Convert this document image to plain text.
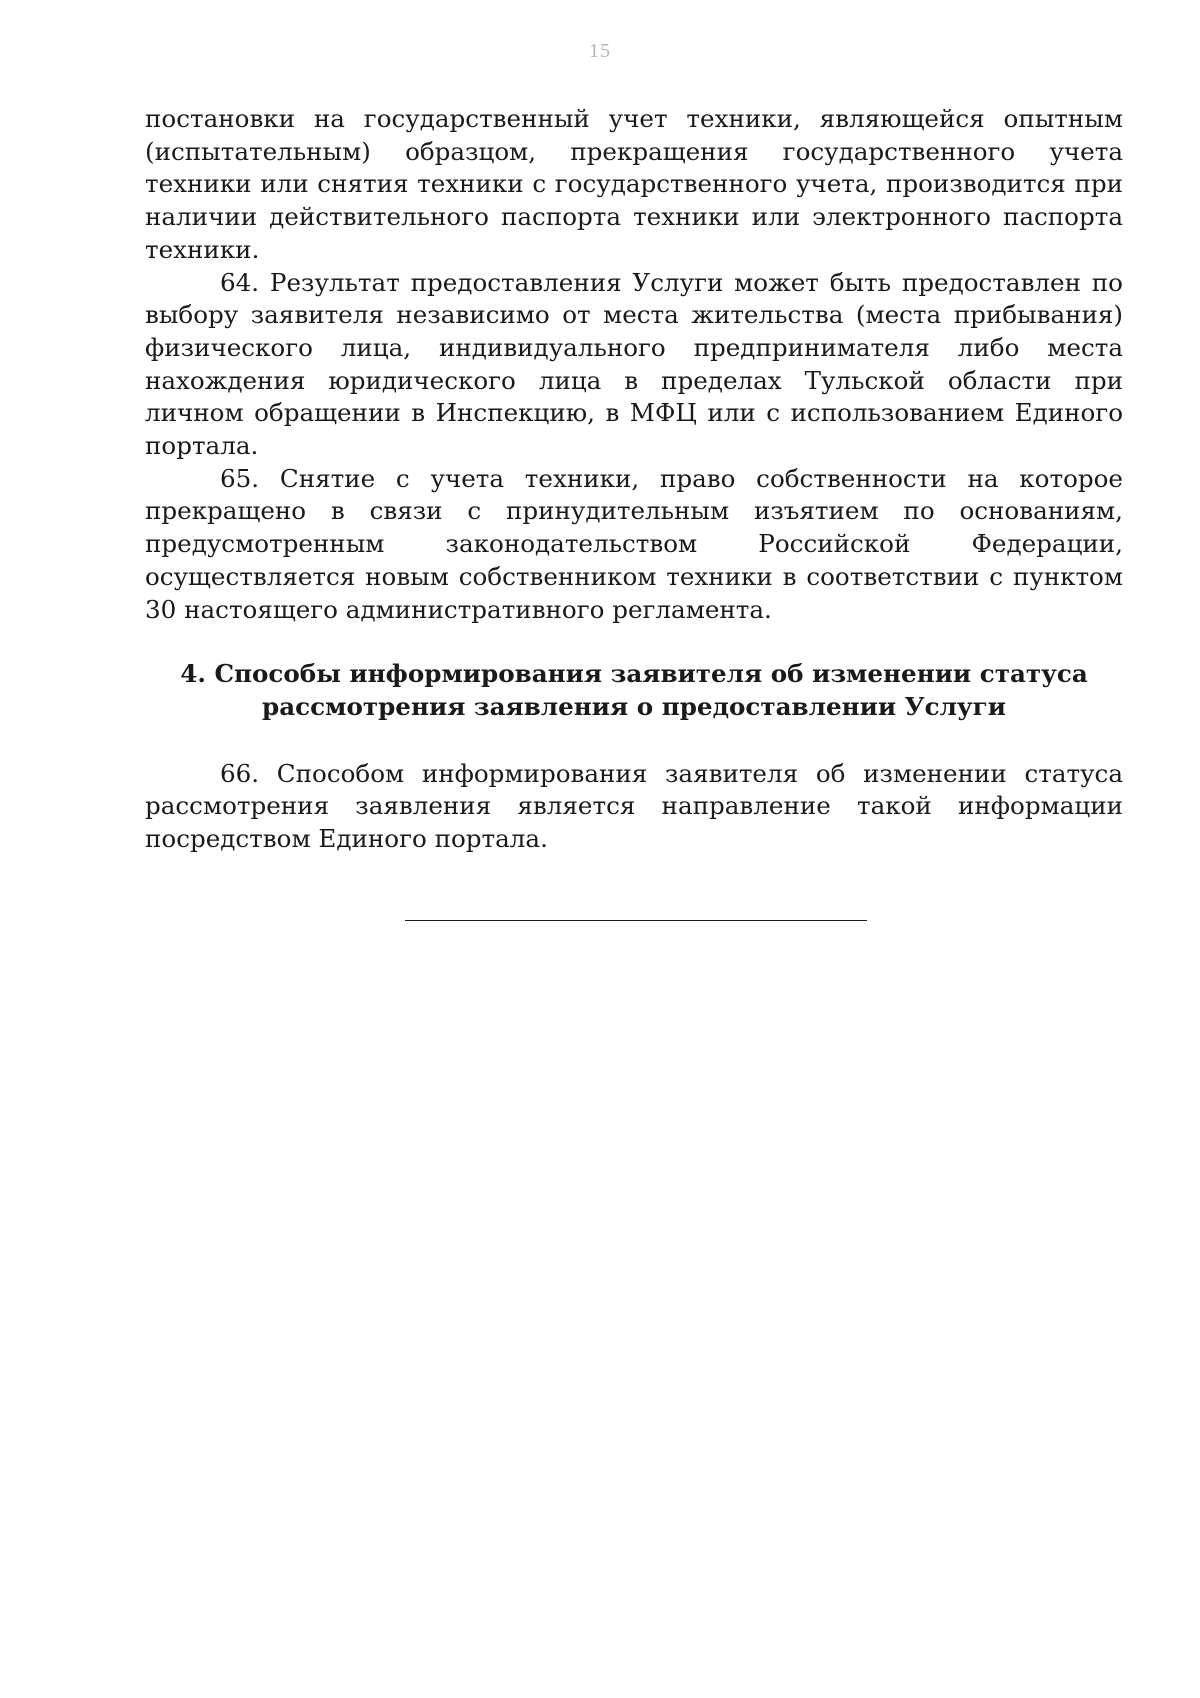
15

постановки на государственный учет техники, являющейся опытным (испытательным) образцом, прекращения государственного учета техники или снятия техники с государственного учета, производится при наличии действительного паспорта техники или электронного паспорта техники.

64. Результат предоставления Услуги может быть предоставлен по выбору заявителя независимо от места жительства (места прибывания) физического лица, индивидуального предпринимателя либо места нахождения юридического лица в пределах Тульской области при личном обращении в Инспекцию, в МФЦ или с использованием Единого портала.

65. Снятие с учета техники, право собственности на которое прекращено в связи с принудительным изъятием по основаниям, предусмотренным законодательством Российской Федерации, осуществляется новым собственником техники в соответствии с пунктом 30 настоящего административного регламента.

4. Способы информирования заявителя об изменении статуса
рассмотрения заявления о предоставлении Услуги

66. Способом информирования заявителя об изменении статуса рассмотрения заявления является направление такой информации посредством Единого портала.
